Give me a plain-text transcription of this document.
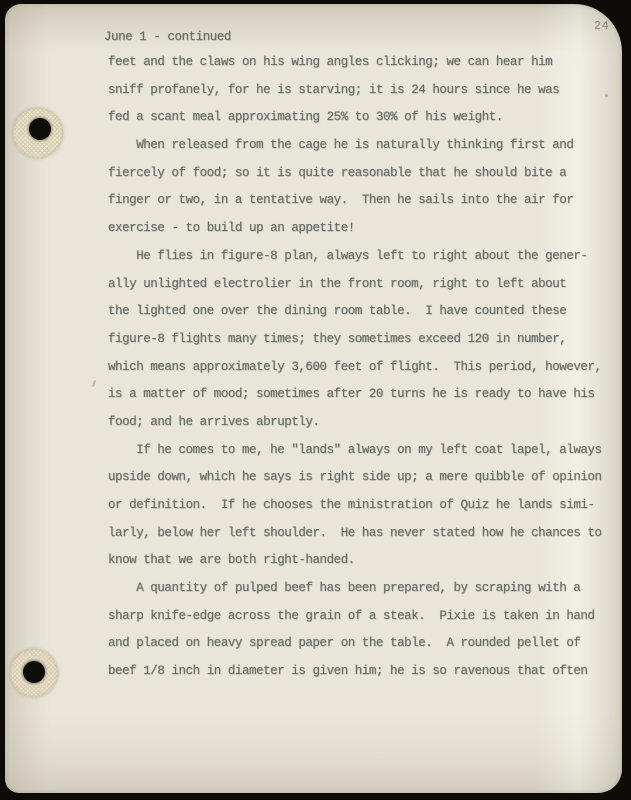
June 1 - continued
24
feet and the claws on his wing angles clicking; we can hear him
sniff profanely, for he is starving; it is 24 hours since he was
fed a scant meal approximating 25% to 30% of his weight.
When released from the cage he is naturally thinking first and
fiercely of food; so it is quite reasonable that he should bite a
finger or two, in a tentative way.  Then he sails into the air for
exercise - to build up an appetite!
He flies in figure-8 plan, always left to right about the gener-
ally unlighted electrolier in the front room, right to left about
the lighted one over the dining room table.  I have counted these
figure-8 flights many times; they sometimes exceed 120 in number,
which means approximately 3,600 feet of flight.  This period, however,
is a matter of mood; sometimes after 20 turns he is ready to have his
food; and he arrives abruptly.
If he comes to me, he "lands" always on my left coat lapel, always
upside down, which he says is right side up; a mere quibble of opinion
or definition.  If he chooses the ministration of Quiz he lands simi-
larly, below her left shoulder.  He has never stated how he chances to
know that we are both right-handed.
A quantity of pulped beef has been prepared, by scraping with a
sharp knife-edge across the grain of a steak.  Pixie is taken in hand
and placed on heavy spread paper on the table.  A rounded pellet of
beef 1/8 inch in diameter is given him; he is so ravenous that often
